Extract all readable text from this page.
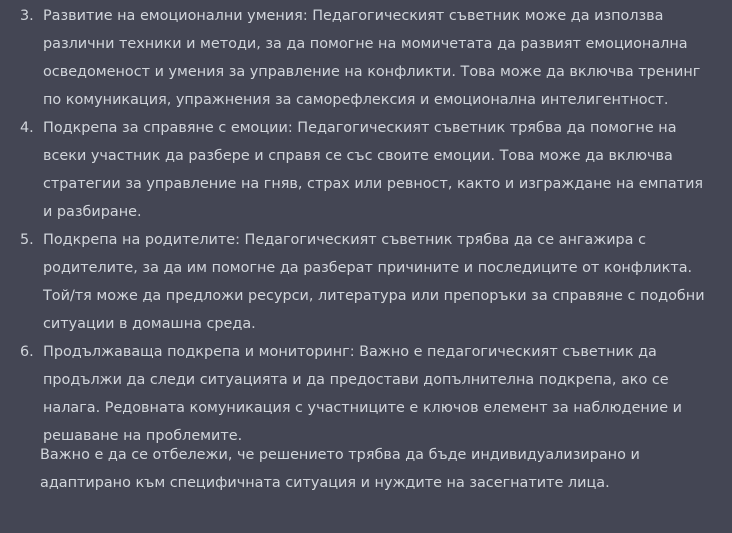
3. Развитие на емоционални умения: Педагогическият съветник може да използва различни техники и методи, за да помогне на момичетата да развият емоционална осведоменост и умения за управление на конфликти. Това може да включва тренинг по комуникация, упражнения за саморефлексия и емоционална интелигентност.
4. Подкрепа за справяне с емоции: Педагогическият съветник трябва да помогне на всеки участник да разбере и справя се със своите емоции. Това може да включва стратегии за управление на гняв, страх или ревност, както и изграждане на емпатия и разбиране.
5. Подкрепа на родителите: Педагогическият съветник трябва да се ангажира с родителите, за да им помогне да разберат причините и последиците от конфликта. Той/тя може да предложи ресурси, литература или препоръки за справяне с подобни ситуации в домашна среда.
6. Продължаваща подкрепа и мониторинг: Важно е педагогическият съветник да продължи да следи ситуацията и да предостави допълнителна подкрепа, ако се налага. Редовната комуникация с участниците е ключов елемент за наблюдение и решаване на проблемите.

Важно е да се отбележи, че решението трябва да бъде индивидуализирано и адаптирано към специфичната ситуация и нуждите на засегнатите лица.
